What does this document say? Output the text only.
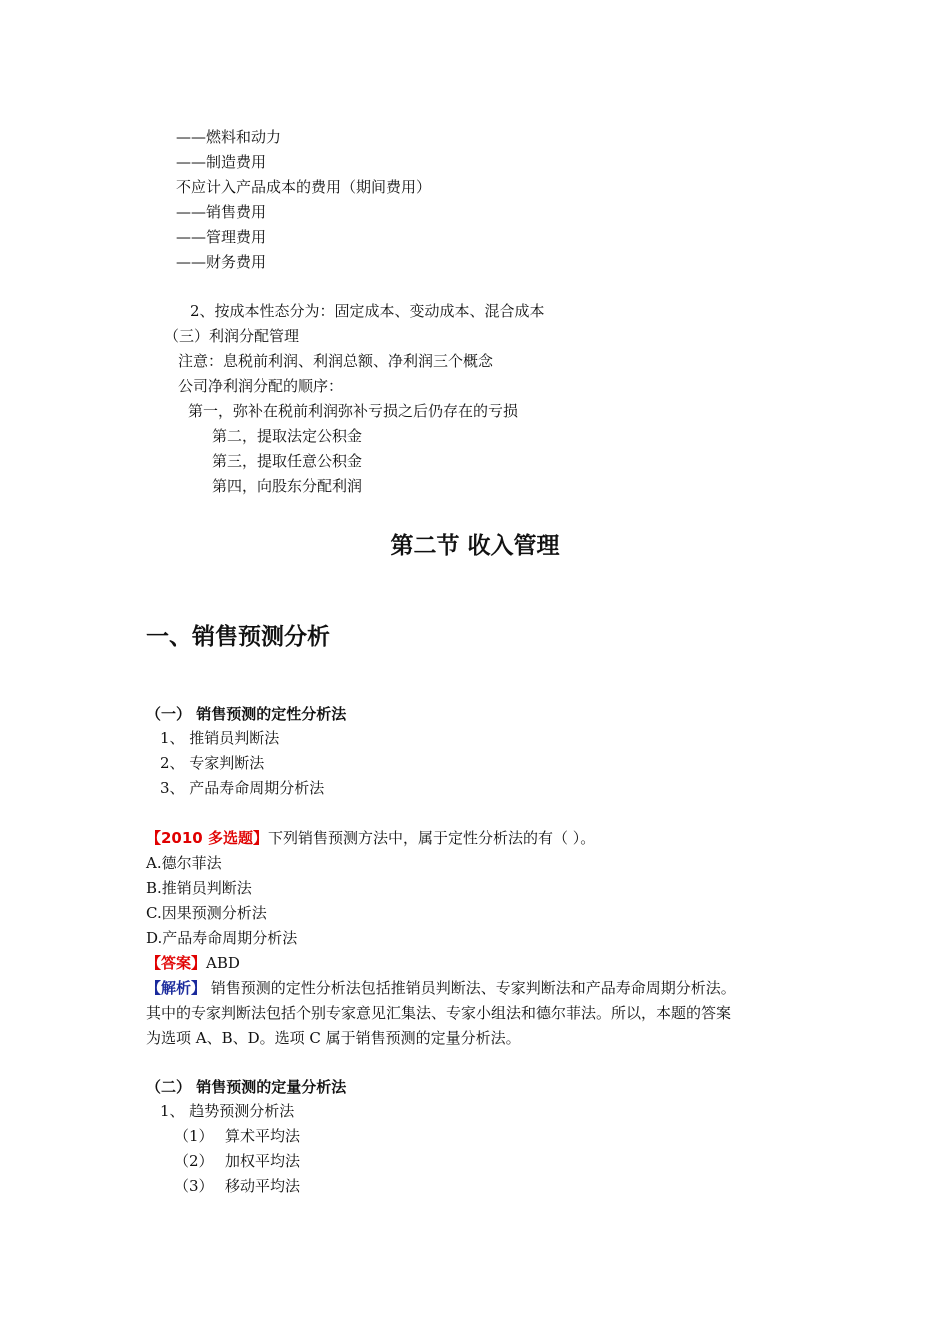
——燃料和动力
——制造费用
不应计入产品成本的费用（期间费用）
——销售费用
——管理费用
——财务费用
2、按成本性态分为：固定成本、变动成本、混合成本
（三）利润分配管理
注意：息税前利润、利润总额、净利润三个概念
公司净利润分配的顺序：
第一，弥补在税前利润弥补亏损之后仍存在的亏损
第二，提取法定公积金
第三，提取任意公积金
第四，向股东分配利润
第二节 收入管理
一、销售预测分析
（一） 销售预测的定性分析法
1、 推销员判断法
2、 专家判断法
3、 产品寿命周期分析法
【2010 多选题】下列销售预测方法中，属于定性分析法的有（ ）。
A.德尔菲法
B.推销员判断法
C.因果预测分析法
D.产品寿命周期分析法
【答案】ABD
【解析】 销售预测的定性分析法包括推销员判断法、专家判断法和产品寿命周期分析法。
其中的专家判断法包括个别专家意见汇集法、专家小组法和德尔菲法。所以，本题的答案
为选项 A、B、D。选项 C 属于销售预测的定量分析法。
（二） 销售预测的定量分析法
1、 趋势预测分析法
（1） 算术平均法
（2） 加权平均法
（3） 移动平均法
